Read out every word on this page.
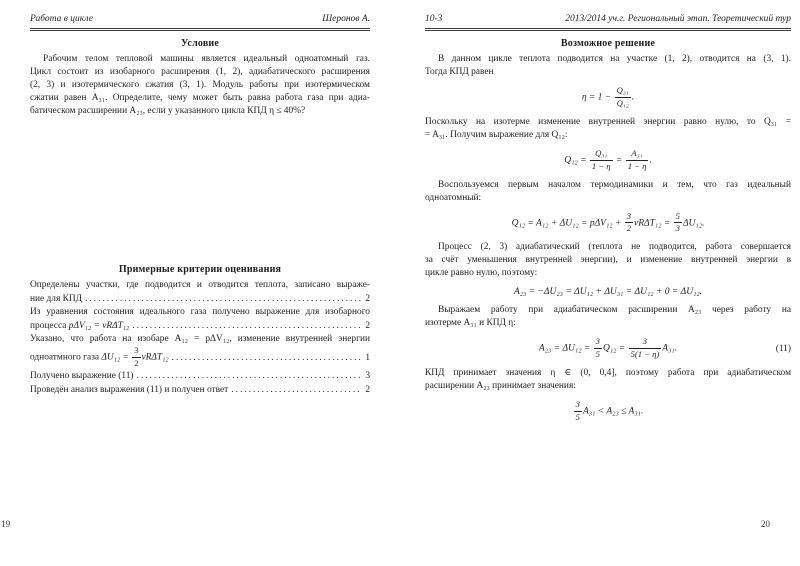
Работа в цикле	Шеронов А.
Условие
Рабочим телом тепловой машины является идеальный одноатомный газ.
Цикл состоит из изобарного расширения (1, 2), адиабатического расширения
(2, 3) и изотермического сжатия (3, 1). Модуль работы при изотермическом
сжатии равен A₃₁. Определите, чему может быть равна работа газа при адиа-
батическом расширении A₂₃, если у указанного цикла КПД η ≤ 40%?
Примерные критерии оценивания
Определены участки, где подводится и отводится теплота, записано выраже-
ние для КПД .....	2
Из уравнения состояния идеального газа получено выражение для изобарного
процесса pΔV₁₂ = νRΔT₁₂ .....	2
Указано, что работа на изобаре A₁₂ = pΔV₁₂, изменение внутренней энергии
одноатмного газа $\Delta U_{12} = \frac{3}{2} \nu R\Delta T_{12}$ .....	1
Получено выражение (11) .....	3
Проведён анализ выражения (11) и получен ответ .....	2
10-3	2013/2014 уч.г. Региональный этап. Теоретический тур
Возможное решение
В данном цикле теплота подводится на участке (1, 2), отводится на (3, 1).
Тогда КПД равен
$\eta = 1 - \frac{\text{Q₃₁}}{\text{Q₁₂}}$ .
Поскольку на изотерме изменение внутренней энергии равно нулю, то Q₃₁ =
= A₃₁. Получим выражение для Q₁₂:
$Q_{12} = \frac{\text{Q₃₁}}{1 - \eta} = \frac{\text{A₃₁}}{1 - \eta}$ .
Воспользуемся первым началом термодинамики и тем, что газ идеальный
одноатомный:
$Q_{12} = A_{12} + \Delta U_{12} = p\Delta V_{12} + \frac{3}{2} \nu R\Delta T_{12} = \frac{5}{3} \Delta U_{12}$.
Процесс (2, 3) адиабатический (теплота не подводится, работа совершается
за счёт уменьшения внутренней энергии), и изменение внутренней энергии в
цикле равно нулю, поэтому:
A₂₃ = −ΔU₂₃ = ΔU₁₂ + ΔU₃₁ = ΔU₁₂ + 0 = ΔU₁₂.
Выражаем работу при адиабатическом расширении A₂₃ через работу на
изотерме A₃₁ и КПД η:
$A_{23} = \Delta U_{12} = \frac{3}{5} Q_{12} = \frac{3}{5(1 - \eta)} A_{31}$.	(11)
КПД принимает значения η ∈ (0, 0,4], поэтому работа при адиабатическом
расширении A₂₃ принимает значения:
$\frac{3}{5} A_{31} < A_{23} \le A_{31}$.
19	20
